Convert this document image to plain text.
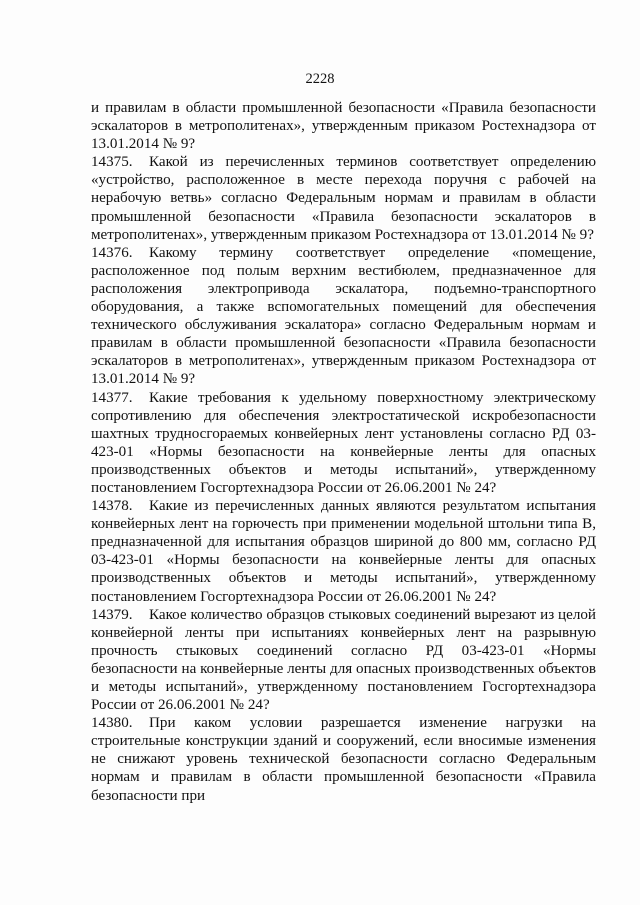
2228

и правилам в области промышленной безопасности «Правила безопасности эскалаторов в метрополитенах», утвержденным приказом Ростехнадзора от 13.01.2014 № 9?

14375. Какой из перечисленных терминов соответствует определению «устройство, расположенное в месте перехода поручня с рабочей на нерабочую ветвь» согласно Федеральным нормам и правилам в области промышленной безопасности «Правила безопасности эскалаторов в метрополитенах», утвержденным приказом Ростехнадзора от 13.01.2014 № 9?

14376. Какому термину соответствует определение «помещение, расположенное под полым верхним вестибюлем, предназначенное для расположения электропривода эскалатора, подъемно-транспортного оборудования, а также вспомогательных помещений для обеспечения технического обслуживания эскалатора» согласно Федеральным нормам и правилам в области промышленной безопасности «Правила безопасности эскалаторов в метрополитенах», утвержденным приказом Ростехнадзора от 13.01.2014 № 9?

14377. Какие требования к удельному поверхностному электрическому сопротивлению для обеспечения электростатической искробезопасности шахтных трудносгораемых конвейерных лент установлены согласно РД 03-423-01 «Нормы безопасности на конвейерные ленты для опасных производственных объектов и методы испытаний», утвержденному постановлением Госгортехнадзора России от 26.06.2001 № 24?

14378. Какие из перечисленных данных являются результатом испытания конвейерных лент на горючесть при применении модельной штольни типа В, предназначенной для испытания образцов шириной до 800 мм, согласно РД 03-423-01 «Нормы безопасности на конвейерные ленты для опасных производственных объектов и методы испытаний», утвержденному постановлением Госгортехнадзора России от 26.06.2001 № 24?

14379. Какое количество образцов стыковых соединений вырезают из целой конвейерной ленты при испытаниях конвейерных лент на разрывную прочность стыковых соединений согласно РД 03-423-01 «Нормы безопасности на конвейерные ленты для опасных производственных объектов и методы испытаний», утвержденному постановлением Госгортехнадзора России от 26.06.2001 № 24?

14380. При каком условии разрешается изменение нагрузки на строительные конструкции зданий и сооружений, если вносимые изменения не снижают уровень технической безопасности согласно Федеральным нормам и правилам в области промышленной безопасности «Правила безопасности при
